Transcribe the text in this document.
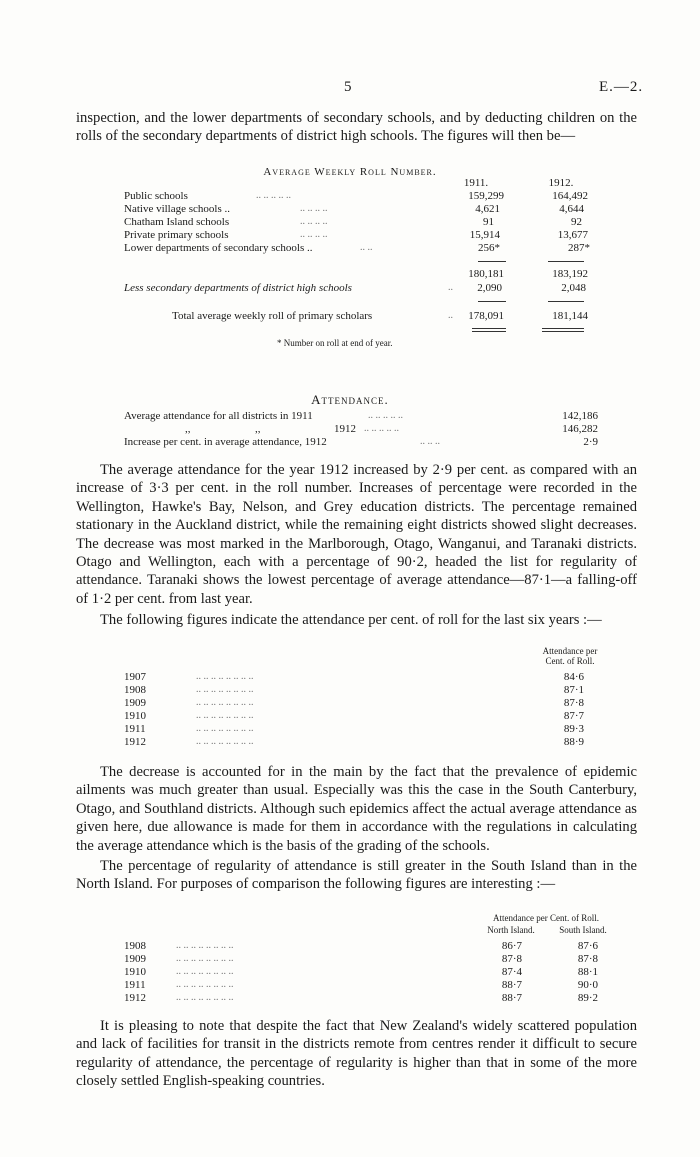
5	E.—2.

inspection, and the lower departments of secondary schools, and by deducting children on the rolls of the secondary departments of district high schools. The figures will then be—

Average Weekly Roll Number.
1911.	1912.
Public schools	.. .. .. .. ..	159,299	164,492
Native village schools ..	.. .. .. ..	4,621	4,644
Chatham Island schools	.. .. .. ..	91	92
Private primary schools	.. .. .. ..	15,914	13,677
Lower departments of secondary schools ..	.. ..	256*	287*
180,181	183,192
Less secondary departments of district high schools	..	2,090	2,048
Total average weekly roll of primary scholars	..	178,091	181,144
* Number on roll at end of year.
Attendance.
Average attendance for all districts in 1911	.. .. .. .. ..	142,186
,,	,,	1912 .. .. .. .. ..	146,282
Increase per cent. in average attendance, 1912	.. .. ..	2·9

The average attendance for the year 1912 increased by 2·9 per cent. as compared with an increase of 3·3 per cent. in the roll number. Increases of percentage were recorded in the Wellington, Hawke's Bay, Nelson, and Grey education districts. The percentage remained stationary in the Auckland district, while the remaining eight districts showed slight decreases. The decrease was most marked in the Marlborough, Otago, Wanganui, and Taranaki districts. Otago and Wellington, each with a percentage of 90·2, headed the list for regularity of attendance. Taranaki shows the lowest percentage of average attendance—87·1—a falling-off of 1·2 per cent. from last year.

The following figures indicate the attendance per cent. of roll for the last six years :—

Attendance per
Cent. of Roll.
1907	.. .. .. .. .. .. .. ..	84·6
1908	.. .. .. .. .. .. .. ..	87·1
1909	.. .. .. .. .. .. .. ..	87·8
1910	.. .. .. .. .. .. .. ..	87·7
1911	.. .. .. .. .. .. .. ..	89·3
1912	.. .. .. .. .. .. .. ..	88·9

The decrease is accounted for in the main by the fact that the prevalence of epidemic ailments was much greater than usual. Especially was this the case in the South Canterbury, Otago, and Southland districts. Although such epidemics affect the actual average attendance as given here, due allowance is made for them in accordance with the regulations in calculating the average attendance which is the basis of the grading of the schools.

The percentage of regularity of attendance is still greater in the South Island than in the North Island. For purposes of comparison the following figures are interesting :—

Attendance per Cent. of Roll.
North Island.	South Island.
1908	.. .. .. .. .. .. .. ..	86·7	87·6
1909	.. .. .. .. .. .. .. ..	87·8	87·8
1910	.. .. .. .. .. .. .. ..	87·4	88·1
1911	.. .. .. .. .. .. .. ..	88·7	90·0
1912	.. .. .. .. .. .. .. ..	88·7	89·2

It is pleasing to note that despite the fact that New Zealand's widely scattered population and lack of facilities for transit in the districts remote from centres render it difficult to secure regularity of attendance, the percentage of regularity is higher than that in some of the more closely settled English-speaking countries.
